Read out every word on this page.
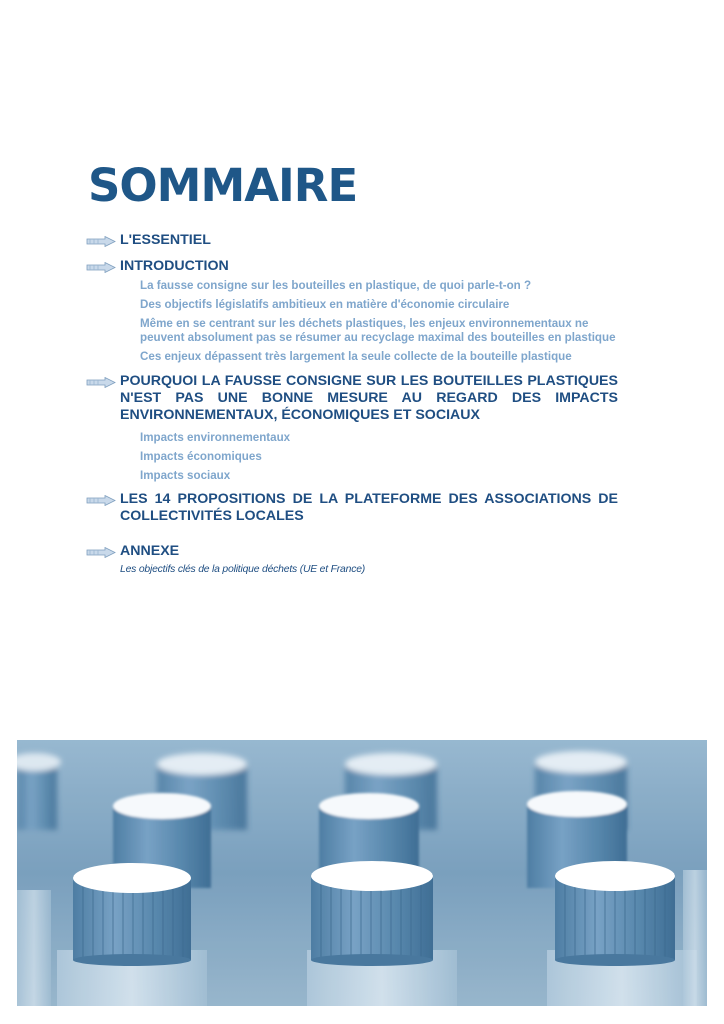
SOMMAIRE

L'ESSENTIEL

INTRODUCTION

La fausse consigne sur les bouteilles en plastique, de quoi parle-t-on ?

Des objectifs législatifs ambitieux en matière d'économie circulaire

Même en se centrant sur les déchets plastiques, les enjeux environnementaux ne peuvent absolument pas se résumer au recyclage maximal des bouteilles en plastique

Ces enjeux dépassent très largement la seule collecte de la bouteille plastique

POURQUOI LA FAUSSE CONSIGNE SUR LES BOUTEILLES PLASTIQUES N'EST PAS UNE BONNE MESURE AU REGARD DES IMPACTS ENVIRONNEMENTAUX, ÉCONOMIQUES ET SOCIAUX

Impacts environnementaux

Impacts économiques

Impacts sociaux

LES 14 PROPOSITIONS DE LA PLATEFORME DES ASSOCIATIONS DE COLLECTIVITÉS LOCALES

ANNEXE

Les objectifs clés de la politique déchets (UE et France)
